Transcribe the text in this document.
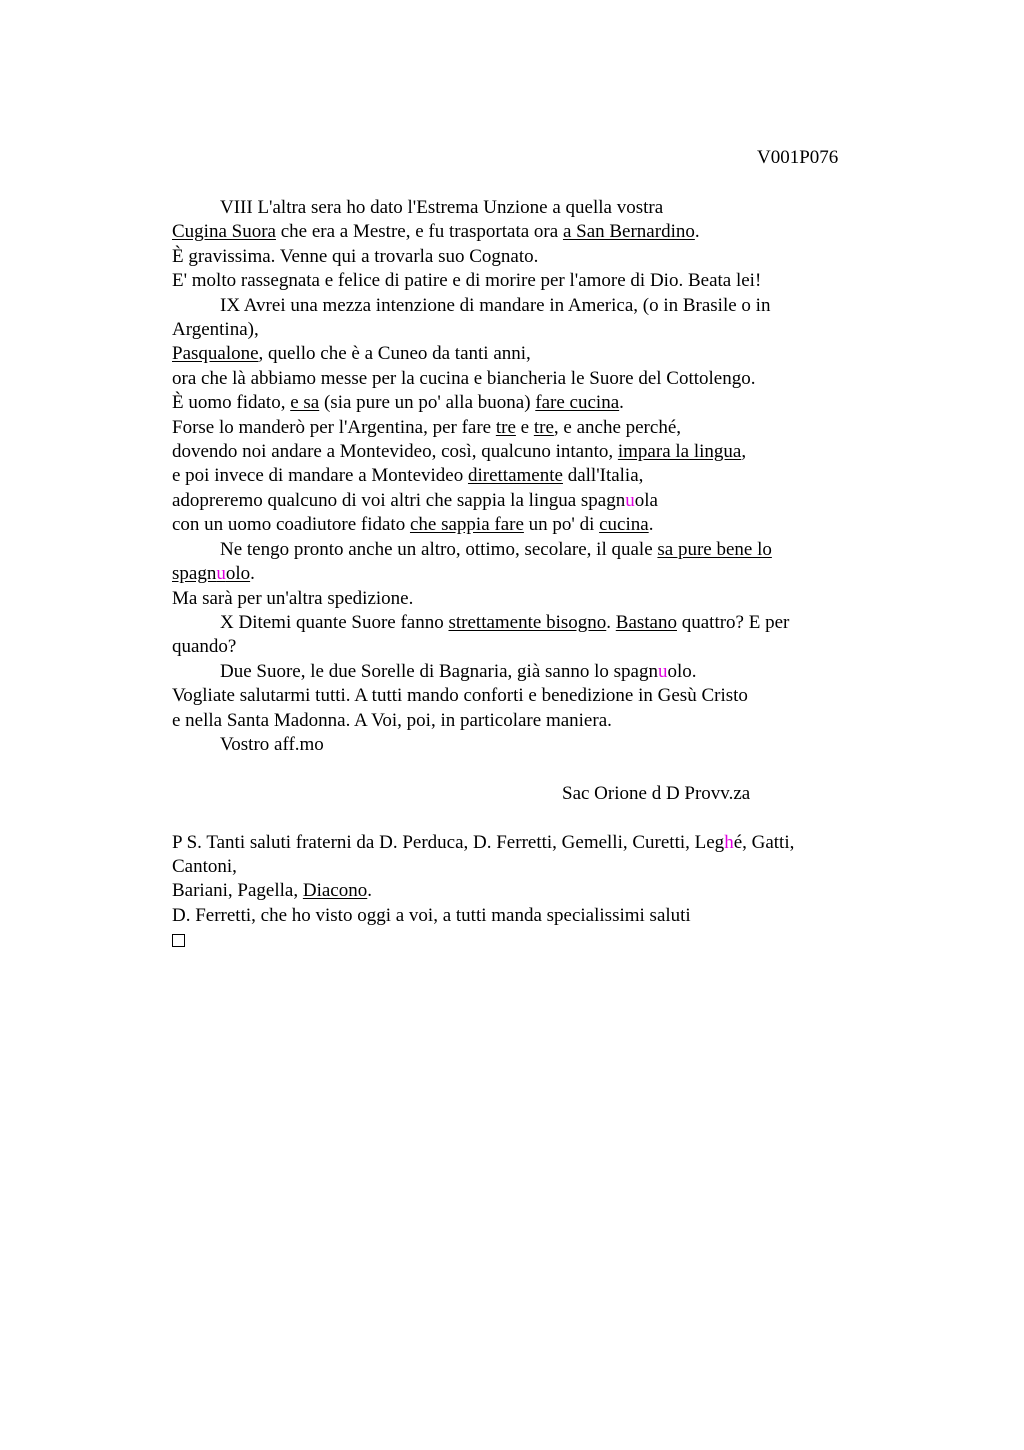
V001P076
VIII L'altra sera ho dato l'Estrema Unzione a quella vostra
Cugina Suora che era a Mestre, e fu trasportata ora a San Bernardino.
È gravissima. Venne qui a trovarla suo Cognato.
E' molto rassegnata e felice di patire e di morire per l'amore di Dio. Beata lei!
IX Avrei una mezza intenzione di mandare in America, (o in Brasile o in
Argentina),
Pasqualone, quello che è a Cuneo da tanti anni,
ora che là abbiamo messe per la cucina e biancheria le Suore del Cottolengo.
È uomo fidato, e sa (sia pure un po' alla buona) fare cucina.
Forse lo manderò per l'Argentina, per fare tre e tre, e anche perché,
dovendo noi andare a Montevideo, così, qualcuno intanto, impara la lingua,
e poi invece di mandare a Montevideo direttamente dall'Italia,
adopreremo qualcuno di voi altri che sappia la lingua spagnuola
con un uomo coadiutore fidato che sappia fare un po' di cucina.
Ne tengo pronto anche un altro, ottimo, secolare, il quale sa pure bene lo
spagnuolo.
Ma sarà per un'altra spedizione.
X Ditemi quante Suore fanno strettamente bisogno. Bastano quattro? E per
quando?
Due Suore, le due Sorelle di Bagnaria, già sanno lo spagnuolo.
Vogliate salutarmi tutti. A tutti mando conforti e benedizione in Gesù Cristo
e nella Santa Madonna. A Voi, poi, in particolare maniera.
Vostro aff.mo
Sac Orione d D Provv.za
P S. Tanti saluti fraterni da D. Perduca, D. Ferretti, Gemelli, Curetti, Leghé, Gatti,
Cantoni,
Bariani, Pagella, Diacono.
D. Ferretti, che ho visto oggi a voi, a tutti manda specialissimi saluti
